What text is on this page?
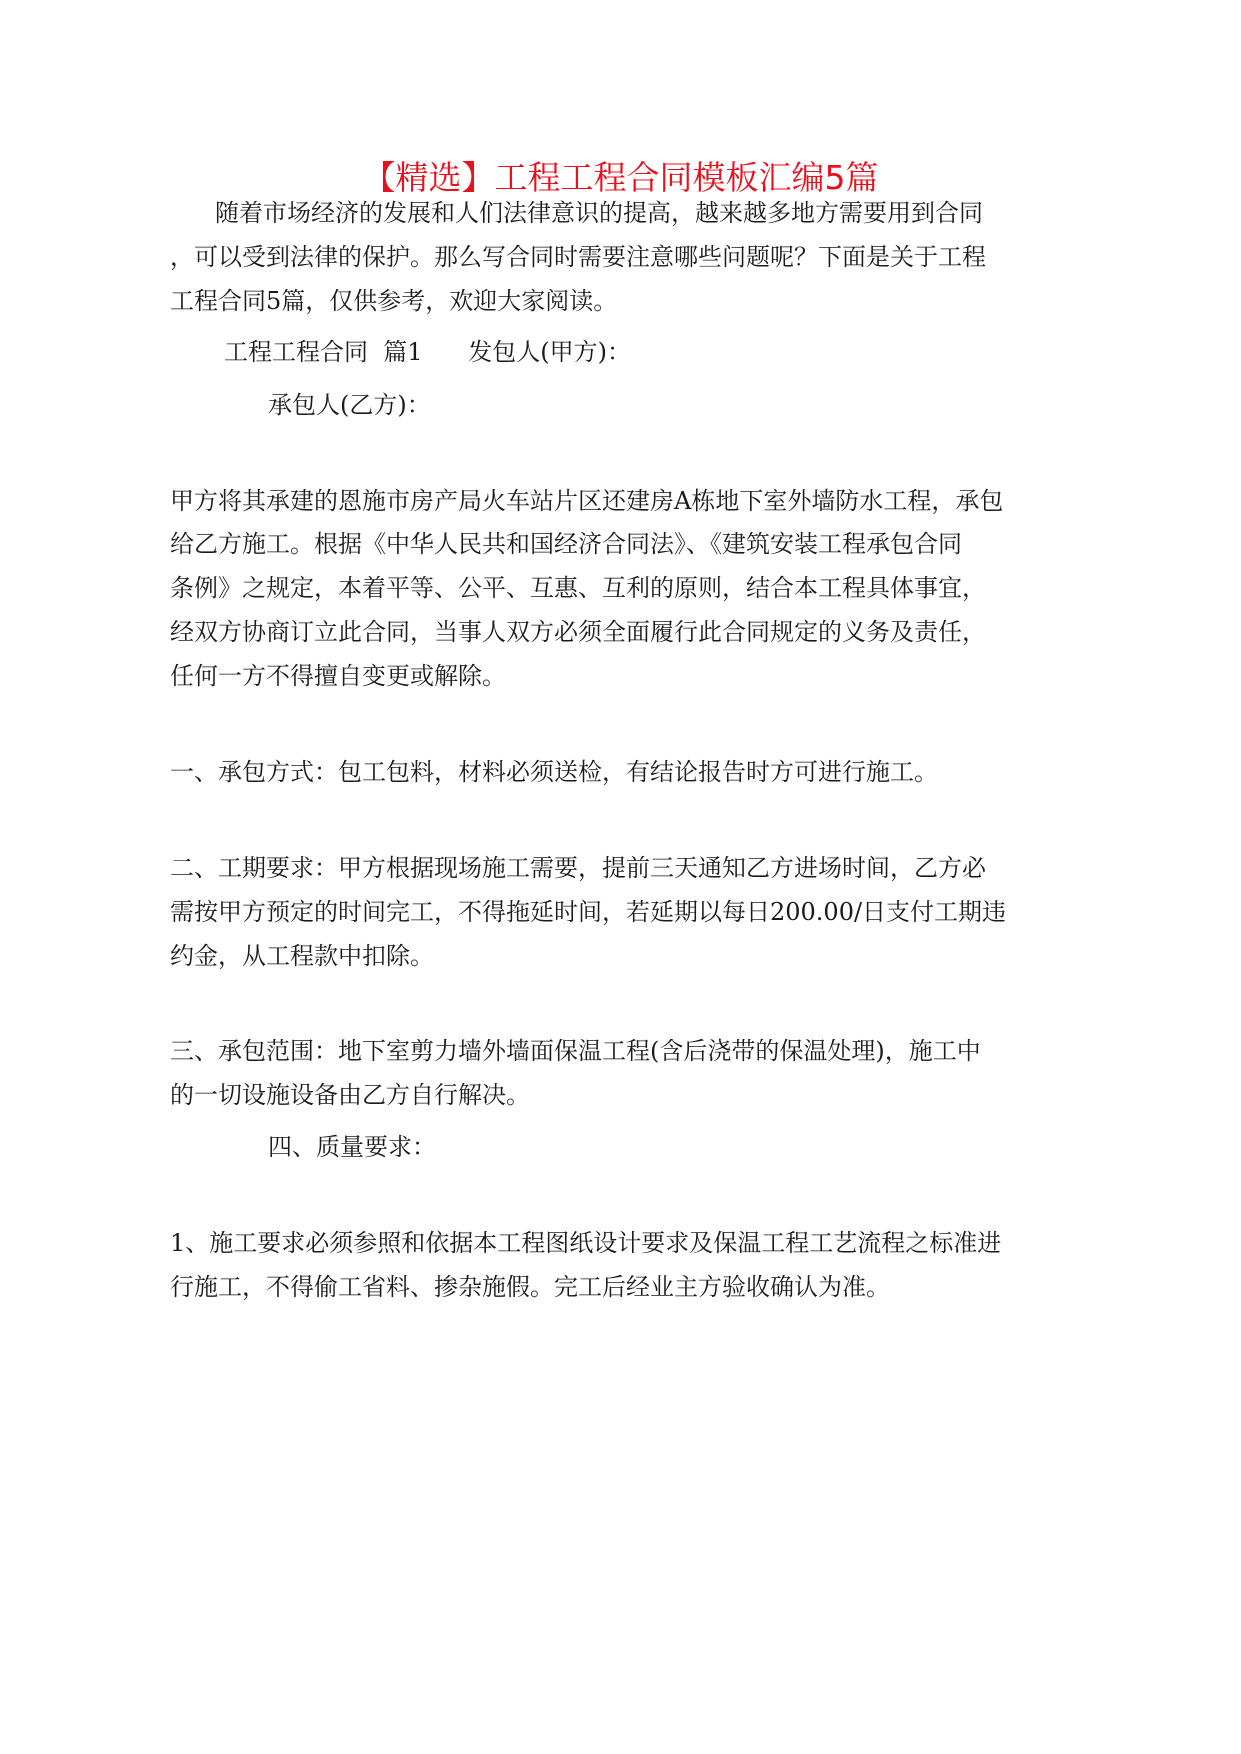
【精选】工程工程合同模板汇编5篇
随着市场经济的发展和人们法律意识的提高，越来越多地方需要用到合同
，可以受到法律的保护。那么写合同时需要注意哪些问题呢？下面是关于工程
工程合同5篇，仅供参考，欢迎大家阅读。
工程工程合同  篇1      发包人(甲方)：
承包人(乙方)：
甲方将其承建的恩施市房产局火车站片区还建房A栋地下室外墙防水工程，承包
给乙方施工。根据《中华人民共和国经济合同法》、《建筑安装工程承包合同
条例》之规定，本着平等、公平、互惠、互利的原则，结合本工程具体事宜，
经双方协商订立此合同，当事人双方必须全面履行此合同规定的义务及责任，
任何一方不得擅自变更或解除。
一、承包方式：包工包料，材料必须送检，有结论报告时方可进行施工。
二、工期要求：甲方根据现场施工需要，提前三天通知乙方进场时间，乙方必
需按甲方预定的时间完工，不得拖延时间，若延期以每日200.00/日支付工期违
约金，从工程款中扣除。
三、承包范围：地下室剪力墙外墙面保温工程(含后浇带的保温处理)，施工中
的一切设施设备由乙方自行解决。
四、质量要求：
1、施工要求必须参照和依据本工程图纸设计要求及保温工程工艺流程之标准进
行施工，不得偷工省料、掺杂施假。完工后经业主方验收确认为准。
